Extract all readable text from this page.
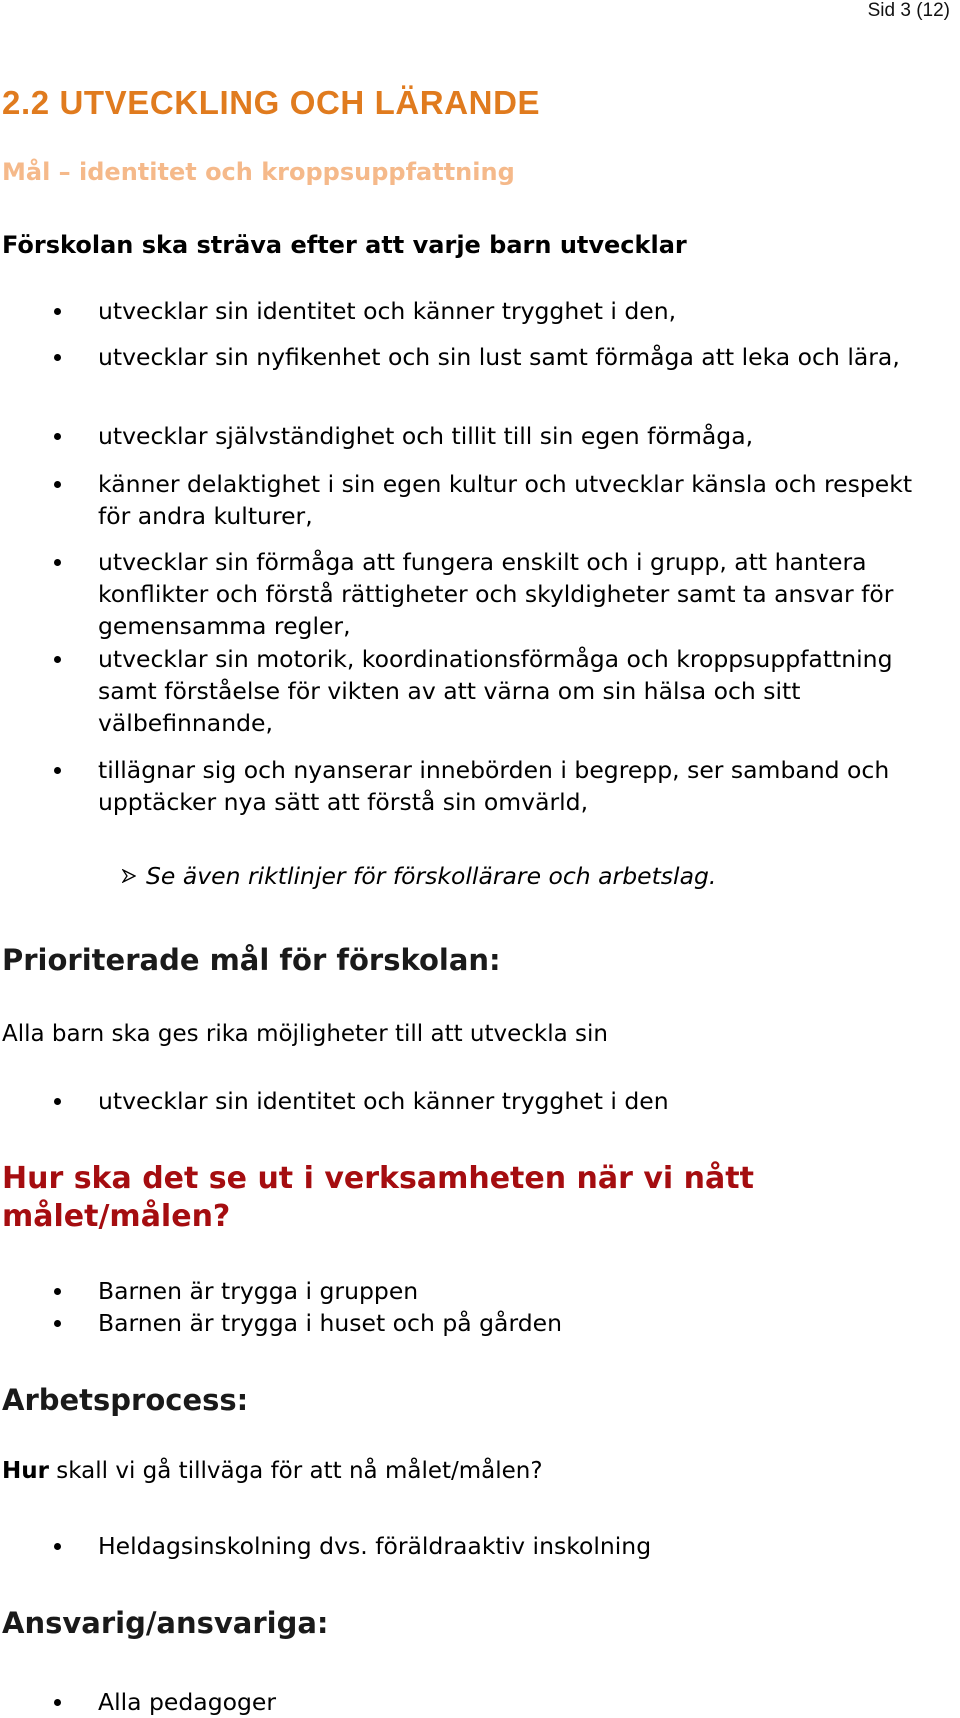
Sid 3 (12)
2.2 UTVECKLING OCH LÄRANDE
Mål – identitet och kroppsuppfattning
Förskolan ska sträva efter att varje barn utvecklar

utvecklar sin identitet och känner trygghet i den,

utvecklar sin nyfikenhet och sin lust samt förmåga att leka och lära,

utvecklar självständighet och tillit till sin egen förmåga,

känner delaktighet i sin egen kultur och utvecklar känsla och respekt för andra kulturer,

utvecklar sin förmåga att fungera enskilt och i grupp, att hantera konflikter och förstå rättigheter och skyldigheter samt ta ansvar för gemensamma regler,

utvecklar sin motorik, koordinationsförmåga och kroppsuppfattning samt förståelse för vikten av att värna om sin hälsa och sitt välbefinnande,

tillägnar sig och nyanserar innebörden i begrepp, ser samband och upptäcker nya sätt att förstå sin omvärld,

Se även riktlinjer för förskollärare och arbetslag.
Prioriterade mål för förskolan:

Alla barn ska ges rika möjligheter till att utveckla sin

utvecklar sin identitet och känner trygghet i den

Hur ska det se ut i verksamheten när vi nått målet/målen?

Barnen är trygga i gruppen

Barnen är trygga i huset och på gården

Arbetsprocess:

Hur skall vi gå tillväga för att nå målet/målen?

Heldagsinskolning dvs. föräldraaktiv inskolning

Ansvarig/ansvariga:

Alla pedagoger
